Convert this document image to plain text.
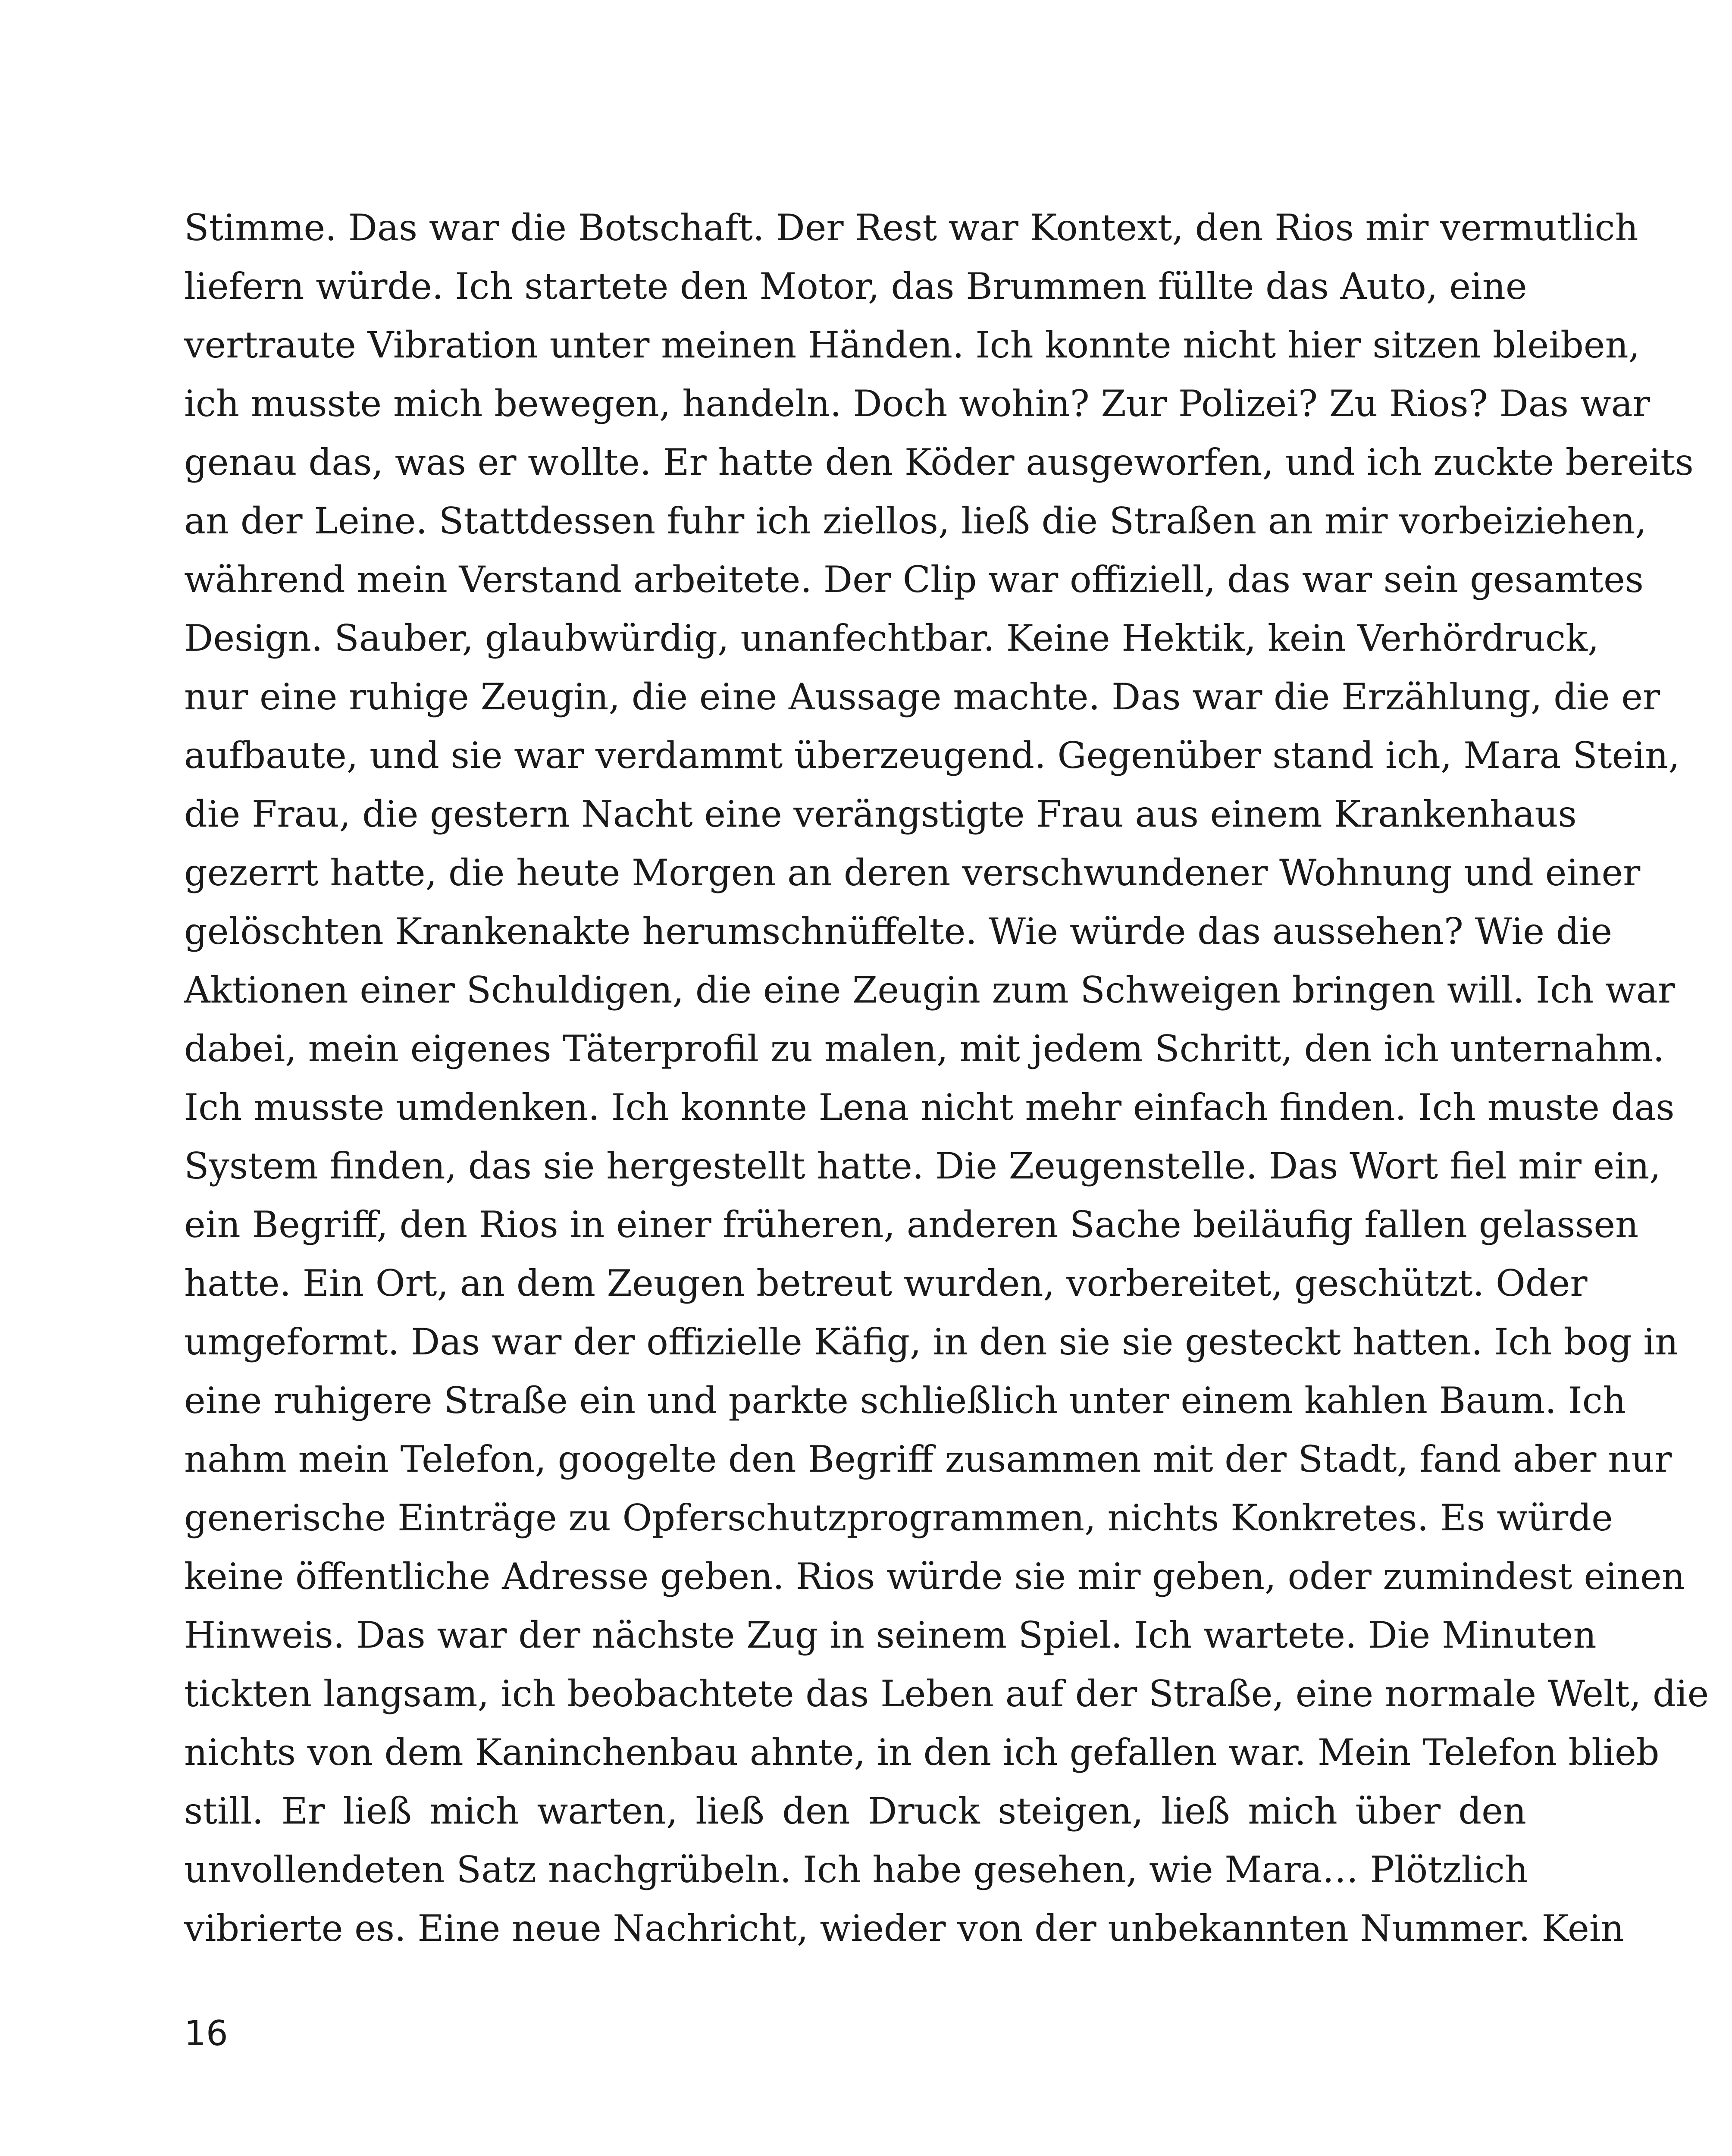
Stimme. Das war die Botschaft. Der Rest war Kontext, den Rios mir vermutlich
liefern würde. Ich startete den Motor, das Brummen füllte das Auto, eine
vertraute Vibration unter meinen Händen. Ich konnte nicht hier sitzen bleiben,
ich musste mich bewegen, handeln. Doch wohin? Zur Polizei? Zu Rios? Das war
genau das, was er wollte. Er hatte den Köder ausgeworfen, und ich zuckte bereits
an der Leine. Stattdessen fuhr ich ziellos, ließ die Straßen an mir vorbeiziehen,
während mein Verstand arbeitete. Der Clip war offiziell, das war sein gesamtes
Design. Sauber, glaubwürdig, unanfechtbar. Keine Hektik, kein Verhördruck,
nur eine ruhige Zeugin, die eine Aussage machte. Das war die Erzählung, die er
aufbaute, und sie war verdammt überzeugend. Gegenüber stand ich, Mara Stein,
die Frau, die gestern Nacht eine verängstigte Frau aus einem Krankenhaus
gezerrt hatte, die heute Morgen an deren verschwundener Wohnung und einer
gelöschten Krankenakte herumschnüffelte. Wie würde das aussehen? Wie die
Aktionen einer Schuldigen, die eine Zeugin zum Schweigen bringen will. Ich war
dabei, mein eigenes Täterprofil zu malen, mit jedem Schritt, den ich unternahm.
Ich musste umdenken. Ich konnte Lena nicht mehr einfach finden. Ich muste das
System finden, das sie hergestellt hatte. Die Zeugenstelle. Das Wort fiel mir ein,
ein Begriff, den Rios in einer früheren, anderen Sache beiläufig fallen gelassen
hatte. Ein Ort, an dem Zeugen betreut wurden, vorbereitet, geschützt. Oder
umgeformt. Das war der offizielle Käfig, in den sie sie gesteckt hatten. Ich bog in
eine ruhigere Straße ein und parkte schließlich unter einem kahlen Baum. Ich
nahm mein Telefon, googelte den Begriff zusammen mit der Stadt, fand aber nur
generische Einträge zu Opferschutzprogrammen, nichts Konkretes. Es würde
keine öffentliche Adresse geben. Rios würde sie mir geben, oder zumindest einen
Hinweis. Das war der nächste Zug in seinem Spiel. Ich wartete. Die Minuten
tickten langsam, ich beobachtete das Leben auf der Straße, eine normale Welt, die
nichts von dem Kaninchenbau ahnte, in den ich gefallen war. Mein Telefon blieb
still. Er ließ mich warten, ließ den Druck steigen, ließ mich über den
unvollendeten Satz nachgrübeln. Ich habe gesehen, wie Mara… Plötzlich
vibrierte es. Eine neue Nachricht, wieder von der unbekannten Nummer. Kein
16
